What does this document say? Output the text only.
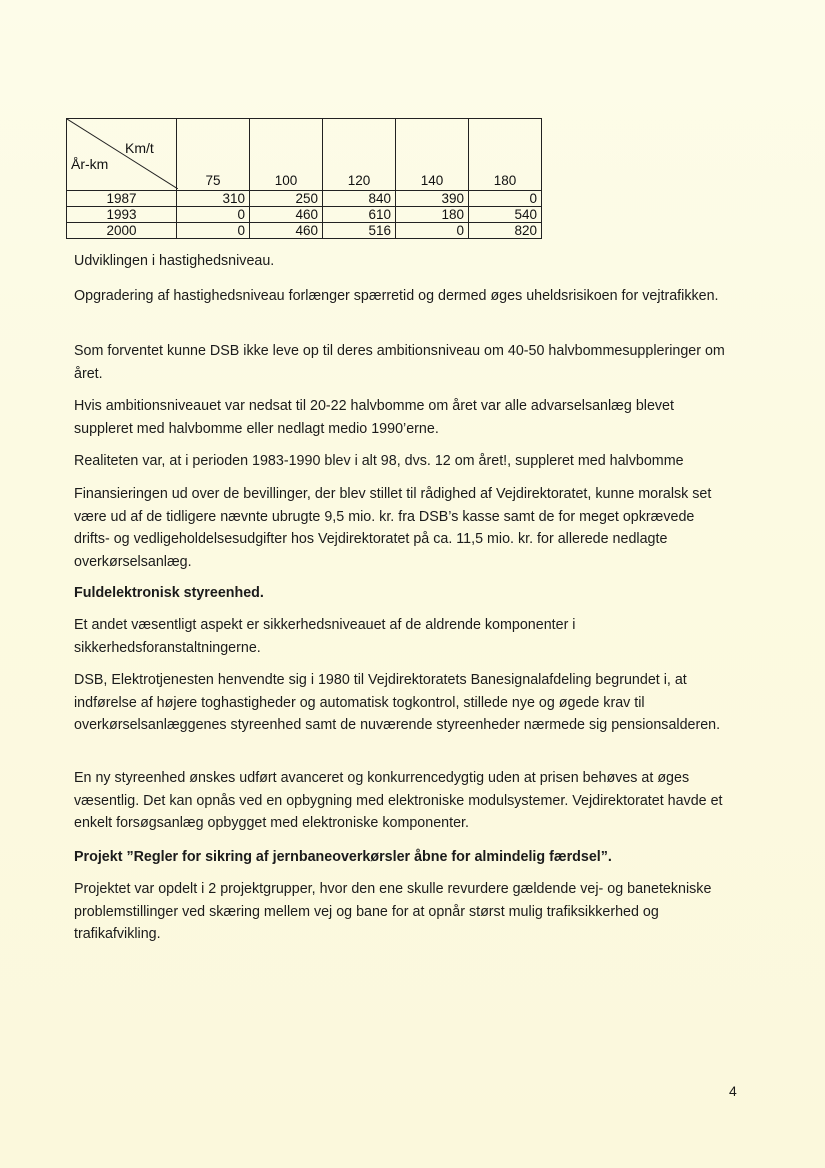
Km/t
År-km	75	100	120	140	180
1987	310	250	840	390	0
1993	0	460	610	180	540
2000	0	460	516	0	820
Udviklingen i hastighedsniveau.

Opgradering af hastighedsniveau forlænger spærretid og dermed øges uheldsrisikoen for vejtrafikken.

Som forventet kunne DSB ikke leve op til deres ambitionsniveau om 40-50 halvbommesuppleringer om året.

Hvis ambitionsniveauet var nedsat til 20-22 halvbomme om året var alle advarselsanlæg blevet suppleret med halvbomme eller nedlagt medio 1990’erne.

Realiteten var, at i perioden 1983-1990 blev i alt 98, dvs. 12 om året!, suppleret med halvbomme

Finansieringen ud over de bevillinger, der blev stillet til rådighed af Vejdirektoratet, kunne moralsk set være ud af de tidligere nævnte ubrugte 9,5 mio. kr. fra DSB’s kasse samt de for meget opkrævede drifts- og vedligeholdelsesudgifter hos Vejdirektoratet på ca. 11,5 mio. kr. for allerede nedlagte overkørselsanlæg.

Fuldelektronisk styreenhed.

Et andet væsentligt aspekt er sikkerhedsniveauet af de aldrende komponenter i sikkerhedsforanstaltningerne.

DSB, Elektrotjenesten henvendte sig i 1980 til Vejdirektoratets Banesignalafdeling begrundet i, at indførelse af højere toghastigheder og automatisk togkontrol, stillede nye og øgede krav til overkørselsanlæggenes styreenhed samt de nuværende styreenheder nærmede sig pensionsalderen.

En ny styreenhed ønskes udført avanceret og konkurrencedygtig uden at prisen behøves at øges væsentlig. Det kan opnås ved en opbygning med elektroniske modulsystemer. Vejdirektoratet havde et enkelt forsøgsanlæg opbygget med elektroniske komponenter.

Projekt ”Regler for sikring af jernbaneoverkørsler åbne for almindelig færdsel”.

Projektet var opdelt i 2 projektgrupper, hvor den ene skulle revurdere gældende vej- og banetekniske problemstillinger ved skæring mellem vej og bane for at opnår størst mulig trafiksikkerhed og trafikafvikling.

4
